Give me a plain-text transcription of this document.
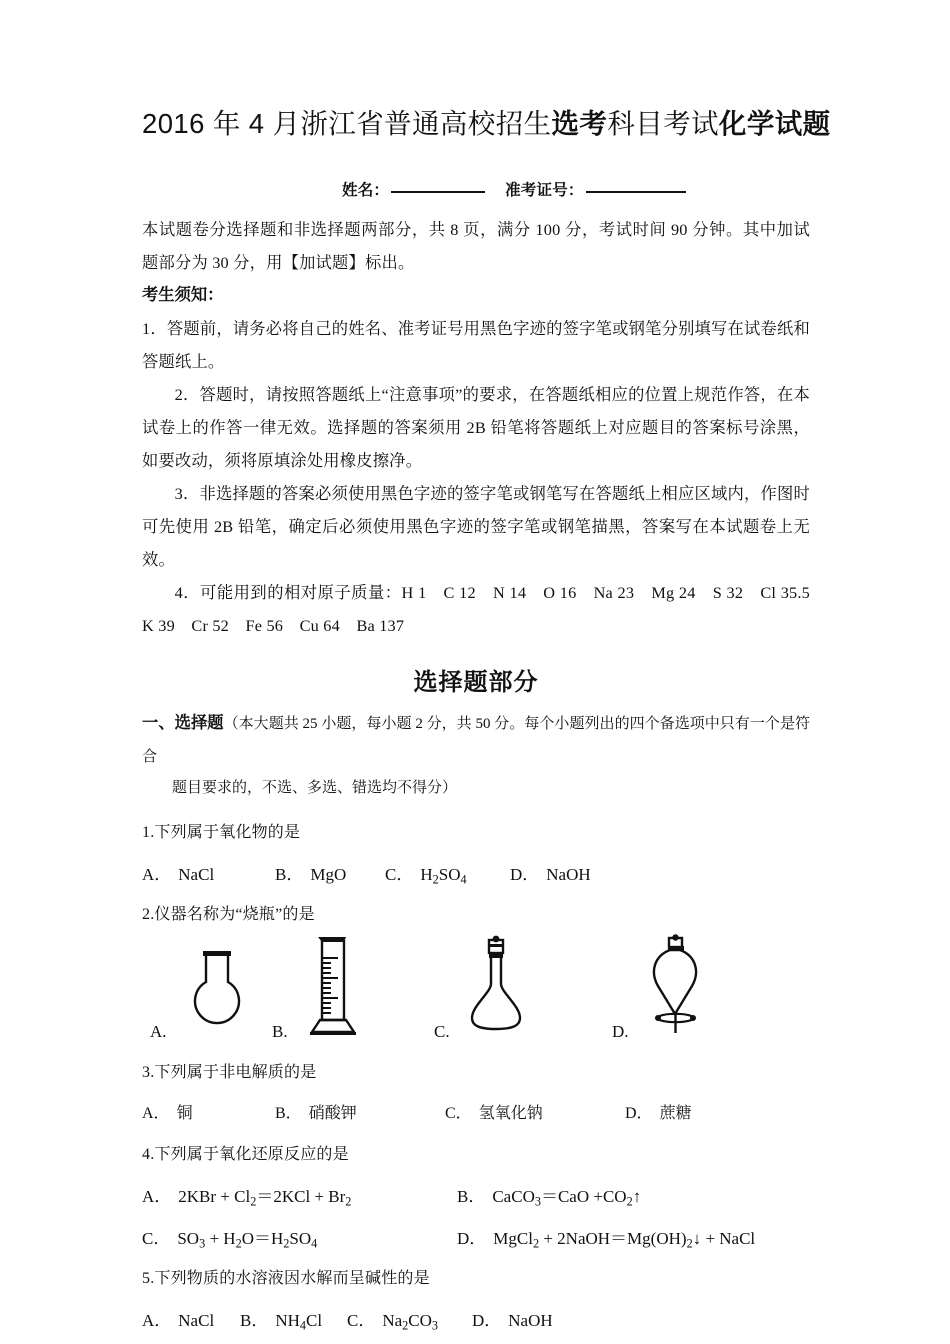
2016 年 4 月浙江省普通高校招生选考科目考试化学试题
姓名：	准考证号：

本试题卷分选择题和非选择题两部分，共 8 页，满分 100 分，考试时间 90 分钟。其中加试题部分为 30 分，用【加试题】标出。

考生须知：

1．答题前，请务必将自己的姓名、准考证号用黑色字迹的签字笔或钢笔分别填写在试卷纸和答题纸上。

2．答题时，请按照答题纸上“注意事项”的要求，在答题纸相应的位置上规范作答，在本试卷上的作答一律无效。选择题的答案须用 2B 铅笔将答题纸上对应题目的答案标号涂黑，如要改动，须将原填涂处用橡皮擦净。

3．非选择题的答案必须使用黑色字迹的签字笔或钢笔写在答题纸上相应区域内，作图时可先使用 2B 铅笔，确定后必须使用黑色字迹的签字笔或钢笔描黑，答案写在本试题卷上无效。

4．可能用到的相对原子质量：H 1　C 12　N 14　O 16　Na 23　Mg 24　S 32　Cl 35.5　K 39　Cr 52　Fe 56　Cu 64　Ba 137

选择题部分

一、选择题（本大题共 25 小题，每小题 2 分，共 50 分。每个小题列出的四个备选项中只有一个是符合

题目要求的，不选、多选、错选均不得分）

1.下列属于氧化物的是

A． NaCl	B． MgO C． $H_2SO_4$	D． NaOH

2.仪器名称为“烧瓶”的是

A.	B.	C.	D.

3.下列属于非电解质的是

A． 铜	B． 硝酸钾	C． 氢氧化钠	D． 蔗糖

4.下列属于氧化还原反应的是

A． $2KBr + Cl_2=2KCl + Br_2$	B． CaCO$_3$＝CaO $+CO_2↑$
C． $SO_3 + H_2O=H_2SO_4$	D． MgCl$_2$ + $2NaOH=Mg(OH)_2↓$ + NaCl

5.下列物质的水溶液因水解而呈碱性的是

A． NaCl B． $NH_4Cl$ C． $Na_2CO_3$ D． NaOH
